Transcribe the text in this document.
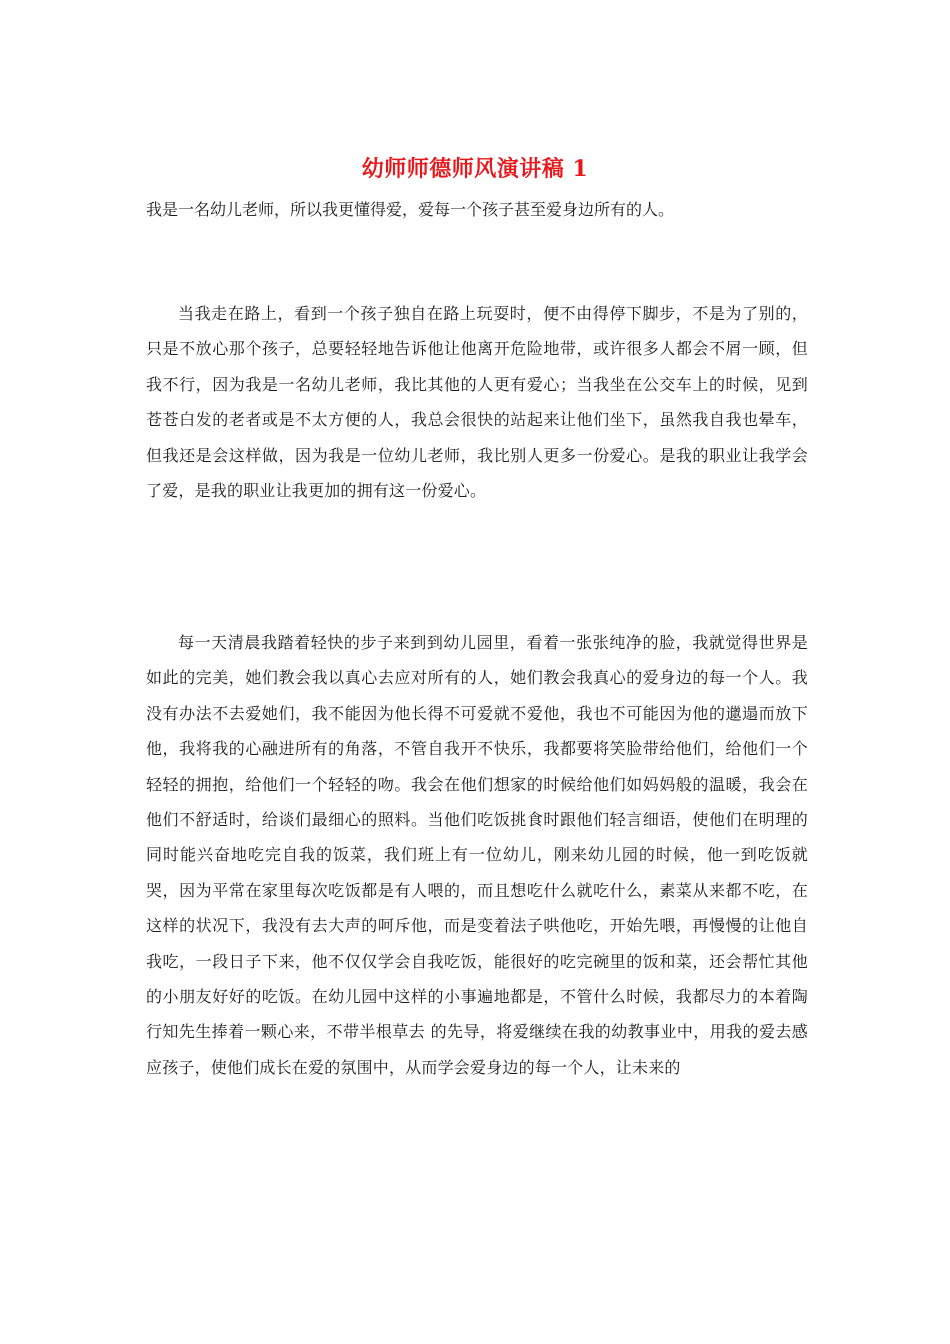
幼师师德师风演讲稿 1
我是一名幼儿老师，所以我更懂得爱，爱每一个孩子甚至爱身边所有的人。
当我走在路上，看到一个孩子独自在路上玩耍时，便不由得停下脚步，不是为了别的，只是不放心那个孩子，总要轻轻地告诉他让他离开危险地带，或许很多人都会不屑一顾，但我不行，因为我是一名幼儿老师，我比其他的人更有爱心；当我坐在公交车上的时候，见到苍苍白发的老者或是不太方便的人，我总会很快的站起来让他们坐下，虽然我自我也晕车，但我还是会这样做，因为我是一位幼儿老师，我比别人更多一份爱心。是我的职业让我学会了爱，是我的职业让我更加的拥有这一份爱心。
每一天清晨我踏着轻快的步子来到到幼儿园里，看着一张张纯净的脸，我就觉得世界是如此的完美，她们教会我以真心去应对所有的人，她们教会我真心的爱身边的每一个人。我没有办法不去爱她们，我不能因为他长得不可爱就不爱他，我也不可能因为他的邋遢而放下他，我将我的心融进所有的角落，不管自我开不快乐，我都要将笑脸带给他们，给他们一个轻轻的拥抱，给他们一个轻轻的吻。我会在他们想家的时候给他们如妈妈般的温暖，我会在他们不舒适时，给谈们最细心的照料。当他们吃饭挑食时跟他们轻言细语，使他们在明理的同时能兴奋地吃完自我的饭菜，我们班上有一位幼儿，刚来幼儿园的时候，他一到吃饭就哭，因为平常在家里每次吃饭都是有人喂的，而且想吃什么就吃什么，素菜从来都不吃，在这样的状况下，我没有去大声的呵斥他，而是变着法子哄他吃，开始先喂，再慢慢的让他自我吃，一段日子下来，他不仅仅学会自我吃饭，能很好的吃完碗里的饭和菜，还会帮忙其他的小朋友好好的吃饭。在幼儿园中这样的小事遍地都是，不管什么时候，我都尽力的本着陶行知先生捧着一颗心来，不带半根草去 的先导，将爱继续在我的幼教事业中，用我的爱去感应孩子，使他们成长在爱的氛围中，从而学会爱身边的每一个人，让未来的
